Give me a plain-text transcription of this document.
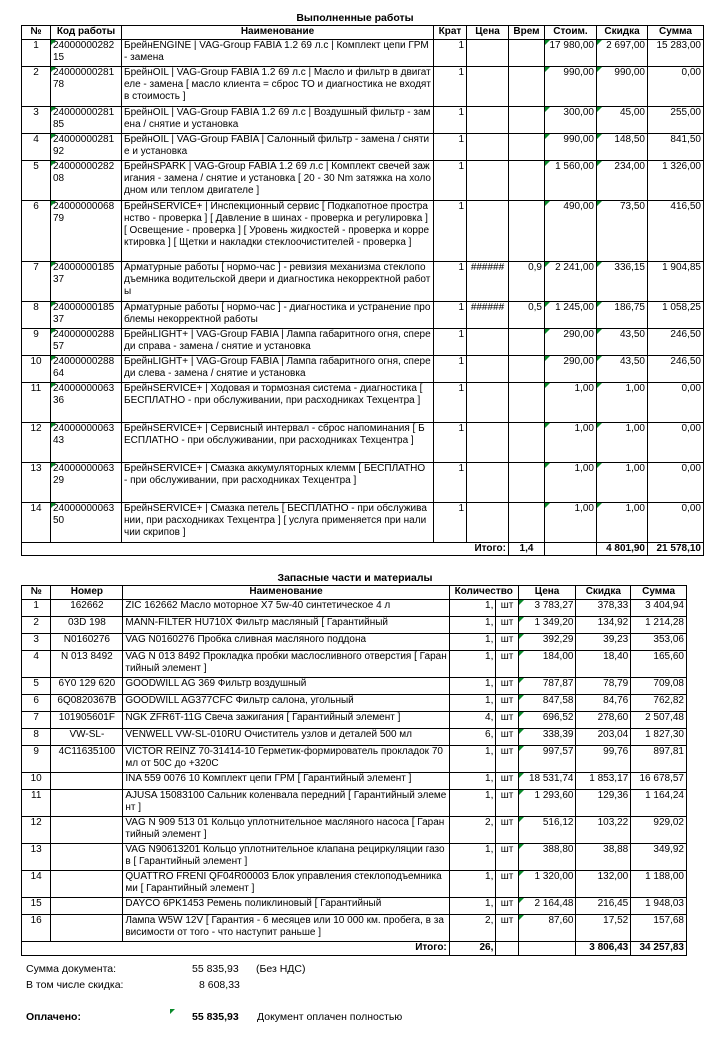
Выполненные работы
№	Код работы	Наименование	Крат	Цена	Врем	Стоим.	Скидка	Сумма

1	2400000028215	БрейнENGINE | VAG-Group FABIA 1.2 69 л.с | Комплект цепи ГРМ - замена	1			17 980,00	2 697,00	15 283,00

2	2400000028178	БрейнOIL | VAG-Group FABIA 1.2 69 л.с | Масло и фильтр в двигателе - замена [ масло клиента = сброс ТО и диагностика не входят в стоимость ]	1			990,00	990,00	0,00

3	2400000028185	БрейнOIL | VAG-Group FABIA 1.2 69 л.с | Воздушный фильтр - замена / снятие и установка	1			300,00	45,00	255,00

4	2400000028192	БрейнOIL | VAG-Group FABIA | Салонный фильтр - замена / снятие и установка	1			990,00	148,50	841,50

5	2400000028208	БрейнSPARK | VAG-Group FABIA 1.2 69 л.с | Комплект свечей зажигания - замена / снятие и установка [ 20 - 30 Nm затяжка на холодном или теплом двигателе ]	1			1 560,00	234,00	1 326,00

6	2400000006879	БрейнSERVICE+ | Инспекционный сервис [ Подкапотное пространство - проверка ] [ Давление в шинах - проверка и регулировка ] [ Освещение - проверка ] [ Уровень жидкостей - проверка и корректировка ] [ Щетки и накладки стеклоочистителей - проверка ]	1			490,00	73,50	416,50

7	2400000018537	Арматурные работы [ нормо-час ] - ревизия механизма стеклоподъемника водительской двери и диагностика некорректной работы	1	######	0,9	2 241,00	336,15	1 904,85

8	2400000018537	Арматурные работы [ нормо-час ] - диагностика и устранение проблемы некорректной работы	1	######	0,5	1 245,00	186,75	1 058,25

9	2400000028857	БрейнLIGHT+ | VAG-Group FABIA | Лампа габаритного огня, спереди справа - замена / снятие и установка	1			290,00	43,50	246,50

10	2400000028864	БрейнLIGHT+ | VAG-Group FABIA | Лампа габаритного огня, спереди слева - замена / снятие и установка	1			290,00	43,50	246,50

11	2400000006336	БрейнSERVICE+ | Ходовая и тормозная система - диагностика [ БЕСПЛАТНО - при обслуживании, при расходниках Техцентра ]	1			1,00	1,00	0,00

12	2400000006343	БрейнSERVICE+ | Сервисный интервал - сброс напоминания [ БЕСПЛАТНО - при обслуживании, при расходниках Техцентра ]	1			1,00	1,00	0,00

13	2400000006329	БрейнSERVICE+ | Смазка аккумуляторных клемм [ БЕСПЛАТНО - при обслуживании, при расходниках Техцентра ]	1			1,00	1,00	0,00

14	2400000006350	БрейнSERVICE+ | Смазка петель [ БЕСПЛАТНО - при обслуживании, при расходниках Техцентра ] [ услуга применяется при наличии скрипов ]	1			1,00	1,00	0,00

Итого:					1,4		4 801,90	21 578,10
Запасные части и материалы
№	Номер	Наименование	Количество		Цена	Скидка	Сумма

1	162662	ZIC 162662 Масло моторное X7 5w-40 синтетическое 4 л	1,	шт	3 783,27	378,33	3 404,94

2	03D 198	MANN-FILTER HU710X Фильтр масляный [ Гарантийный	1,	шт	1 349,20	134,92	1 214,28

3	N0160276	VAG N0160276 Пробка сливная масляного поддона	1,	шт	392,29	39,23	353,06

4	N 013 8492	VAG N 013 8492 Прокладка пробки маслосливного отверстия [ Гарантийный элемент ]	1,	шт	184,00	18,40	165,60

5	6Y0 129 620	GOODWILL AG 369 Фильтр воздушный	1,	шт	787,87	78,79	709,08

6	6Q0820367B	GOODWILL AG377CFC Фильтр салона, угольный	1,	шт	847,58	84,76	762,82

7	101905601F	NGK ZFR6T-11G Свеча зажигания [ Гарантийный элемент ]	4,	шт	696,52	278,60	2 507,48

8	VW-SL-	VENWELL VW-SL-010RU Очиститель узлов и деталей 500 мл	6,	шт	338,39	203,04	1 827,30

9	4C11635100	VICTOR REINZ 70-31414-10 Герметик-формирователь прокладок 70 мл от 50С до +320С	1,	шт	997,57	99,76	897,81

10		INA 559 0076 10 Комплект цепи ГРМ [ Гарантийный элемент ]	1,	шт	18 531,74	1 853,17	16 678,57

11		AJUSA 15083100 Сальник коленвала передний [ Гарантийный элемент ]	1,	шт	1 293,60	129,36	1 164,24

12		VAG N 909 513 01 Кольцо уплотнительное масляного насоса [ Гарантийный элемент ]	2,	шт	516,12	103,22	929,02

13		VAG N90613201 Кольцо уплотнительное клапана рециркуляции газов [ Гарантийный элемент ]	1,	шт	388,80	38,88	349,92

14		QUATTRO FRENI QF04R00003 Блок управления стеклоподъемниками [ Гарантийный элемент ]	1,	шт	1 320,00	132,00	1 188,00

15		DAYCO 6PK1453 Ремень поликлиновый [ Гарантийный	1,	шт	2 164,48	216,45	1 948,03

16		Лампа W5W 12V [ Гарантия - 6 месяцев или 10 000 км. пробега, в зависимости от того - что наступит раньше ]	2,	шт	87,60	17,52	157,68

Итого:			26,			3 806,43	34 257,83
Сумма документа:	55 835,93 (Без НДС)
В том числе скидка:	8 608,33
Оплачено:	55 835,93 Документ оплачен полностью
